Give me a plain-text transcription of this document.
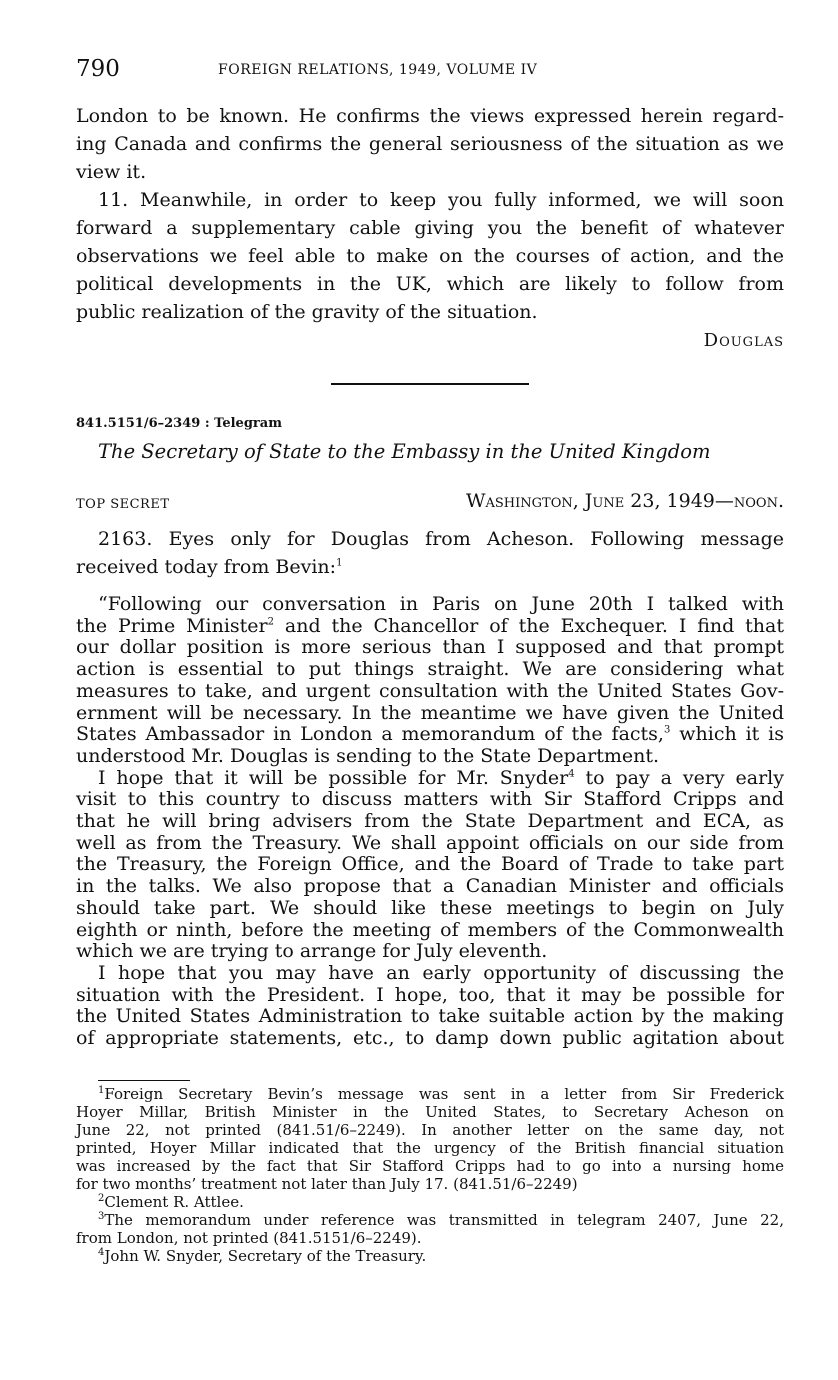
790	FOREIGN RELATIONS, 1949, VOLUME IV
London to be known. He confirms the views expressed herein regard-
ing Canada and confirms the general seriousness of the situation as we
view it.
11. Meanwhile, in order to keep you fully informed, we will soon
forward a supplementary cable giving you the benefit of whatever
observations we feel able to make on the courses of action, and the
political developments in the UK, which are likely to follow from
public realization of the gravity of the situation.
Douglas
841.5151/6–2349 : Telegram
The Secretary of State to the Embassy in the United Kingdom
TOP SECRET	Washington, June 23, 1949—noon.
2163. Eyes only for Douglas from Acheson. Following message
received today from Bevin:$^1$
“Following our conversation in Paris on June 20th I talked with
the Prime Minister$^2$ and the Chancellor of the Exchequer. I find that
our dollar position is more serious than I supposed and that prompt
action is essential to put things straight. We are considering what
measures to take, and urgent consultation with the United States Gov-
ernment will be necessary. In the meantime we have given the United
States Ambassador in London a memorandum of the facts,$^3$ which it is
understood Mr. Douglas is sending to the State Department.
I hope that it will be possible for Mr. Snyder$^4$ to pay a very early
visit to this country to discuss matters with Sir Stafford Cripps and
that he will bring advisers from the State Department and ECA, as
well as from the Treasury. We shall appoint officials on our side from
the Treasury, the Foreign Office, and the Board of Trade to take part
in the talks. We also propose that a Canadian Minister and officials
should take part. We should like these meetings to begin on July
eighth or ninth, before the meeting of members of the Commonwealth
which we are trying to arrange for July eleventh.
I hope that you may have an early opportunity of discussing the
situation with the President. I hope, too, that it may be possible for
the United States Administration to take suitable action by the making
of appropriate statements, etc., to damp down public agitation about
$^1$Foreign Secretary Bevin’s message was sent in a letter from Sir Frederick
Hoyer Millar, British Minister in the United States, to Secretary Acheson on
June 22, not printed (841.51/6–2249). In another letter on the same day, not
printed, Hoyer Millar indicated that the urgency of the British financial situation
was increased by the fact that Sir Stafford Cripps had to go into a nursing home
for two months’ treatment not later than July 17. (841.51/6–2249)
$^2$Clement R. Attlee.
$^3$The memorandum under reference was transmitted in telegram 2407, June 22,
from London, not printed (841.5151/6–2249).
$^4$John W. Snyder, Secretary of the Treasury.
